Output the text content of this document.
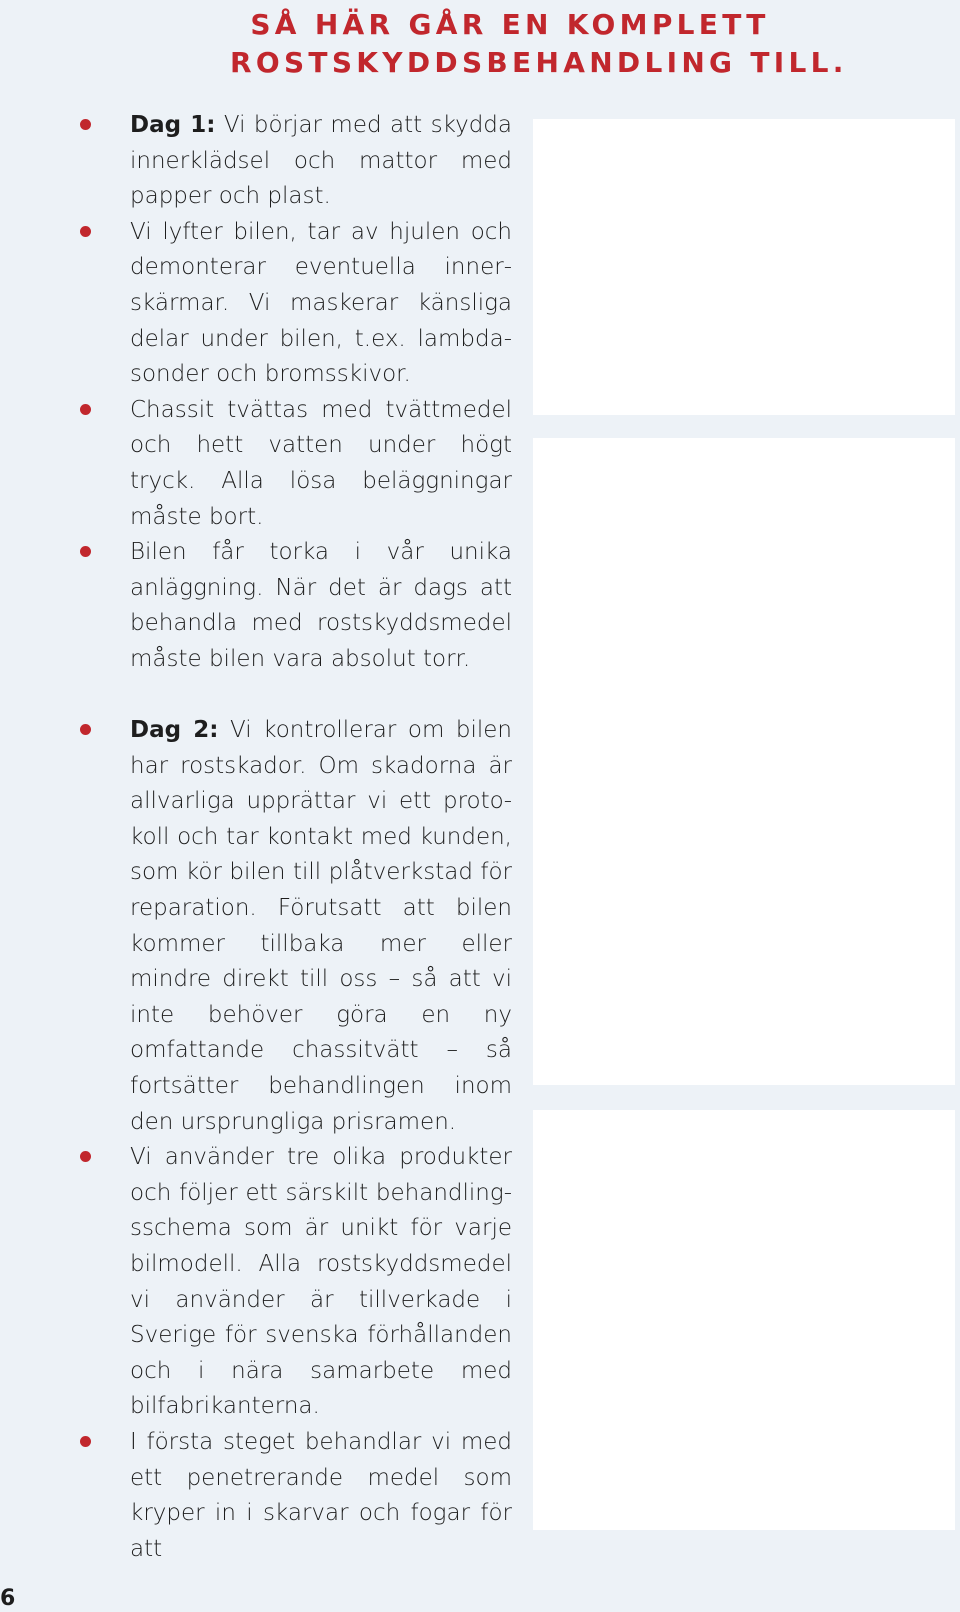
SÅ HÄR GÅR EN KOMPLETT
ROSTSKYDDSBEHANDLING TILL.
Dag 1: Vi börjar med att skydda innerklädsel och mattor med papper och plast.
Vi lyfter bilen, tar av hjulen och demonterar eventuella innerskärmar. Vi maskerar känsliga delar under bilen, t.ex. lambdasonder och bromsskivor.
Chassit tvättas med tvättmedel och hett vatten under högt tryck. Alla lösa beläggningar måste bort.
Bilen får torka i vår unika anläggning. När det är dags att behandla med rostskyddsmedel måste bilen vara absolut torr.
Dag 2: Vi kontrollerar om bilen har rostskador. Om skadorna är allvarliga upprättar vi ett protokoll och tar kontakt med kunden, som kör bilen till plåtverkstad för reparation. Förutsatt att bilen kommer tillbaka mer eller mindre direkt till oss – så att vi inte behöver göra en ny omfattande chassitvätt – så fortsätter behandlingen inom den ursprungliga prisramen.
Vi använder tre olika produkter och följer ett särskilt behandlingsschema som är unikt för varje bilmodell. Alla rostskyddsmedel vi använder är tillverkade i Sverige för svenska förhållanden och i nära samarbete med bilfabrikanterna.
I första steget behandlar vi med ett penetrerande medel som kryper in i skarvar och fogar för att
6
